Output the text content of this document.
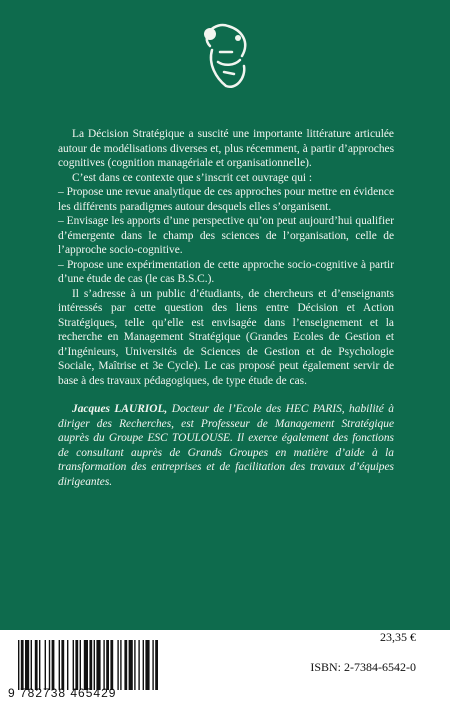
La Décision Stratégique a suscité une importante littérature articulée autour de modélisations diverses et, plus récemment, à partir d’approches cognitives (cognition managériale et organisationnelle).

C’est dans ce contexte que s’inscrit cet ouvrage qui :

– Propose une revue analytique de ces approches pour mettre en évidence les différents paradigmes autour desquels elles s’organisent.

– Envisage les apports d’une perspective qu’on peut aujourd’hui qualifier d’émergente dans le champ des sciences de l’organisation, celle de l’approche socio-cognitive.

– Propose une expérimentation de cette approche socio-cognitive à partir d’une étude de cas (le cas B.S.C.).

Il s’adresse à un public d’étudiants, de chercheurs et d’enseignants intéressés par cette question des liens entre Décision et Action Stratégiques, telle qu’elle est envisagée dans l’enseignement et la recherche en Management Stratégique (Grandes Ecoles de Gestion et d’Ingénieurs, Universités de Sciences de Gestion et de Psychologie Sociale, Maîtrise et 3e Cycle). Le cas proposé peut également servir de base à des travaux pédagogiques, de type étude de cas.

Jacques LAURIOL, Docteur de l’Ecole des HEC PARIS, habilité à diriger des Recherches, est Professeur de Management Stratégique auprès du Groupe ESC TOULOUSE. Il exerce également des fonctions de consultant auprès de Grands Groupes en matière d’aide à la transformation des entreprises et de facilitation des travaux d’équipes dirigeantes.

9 782738 465429
23,35 €
ISBN: 2-7384-6542-0
